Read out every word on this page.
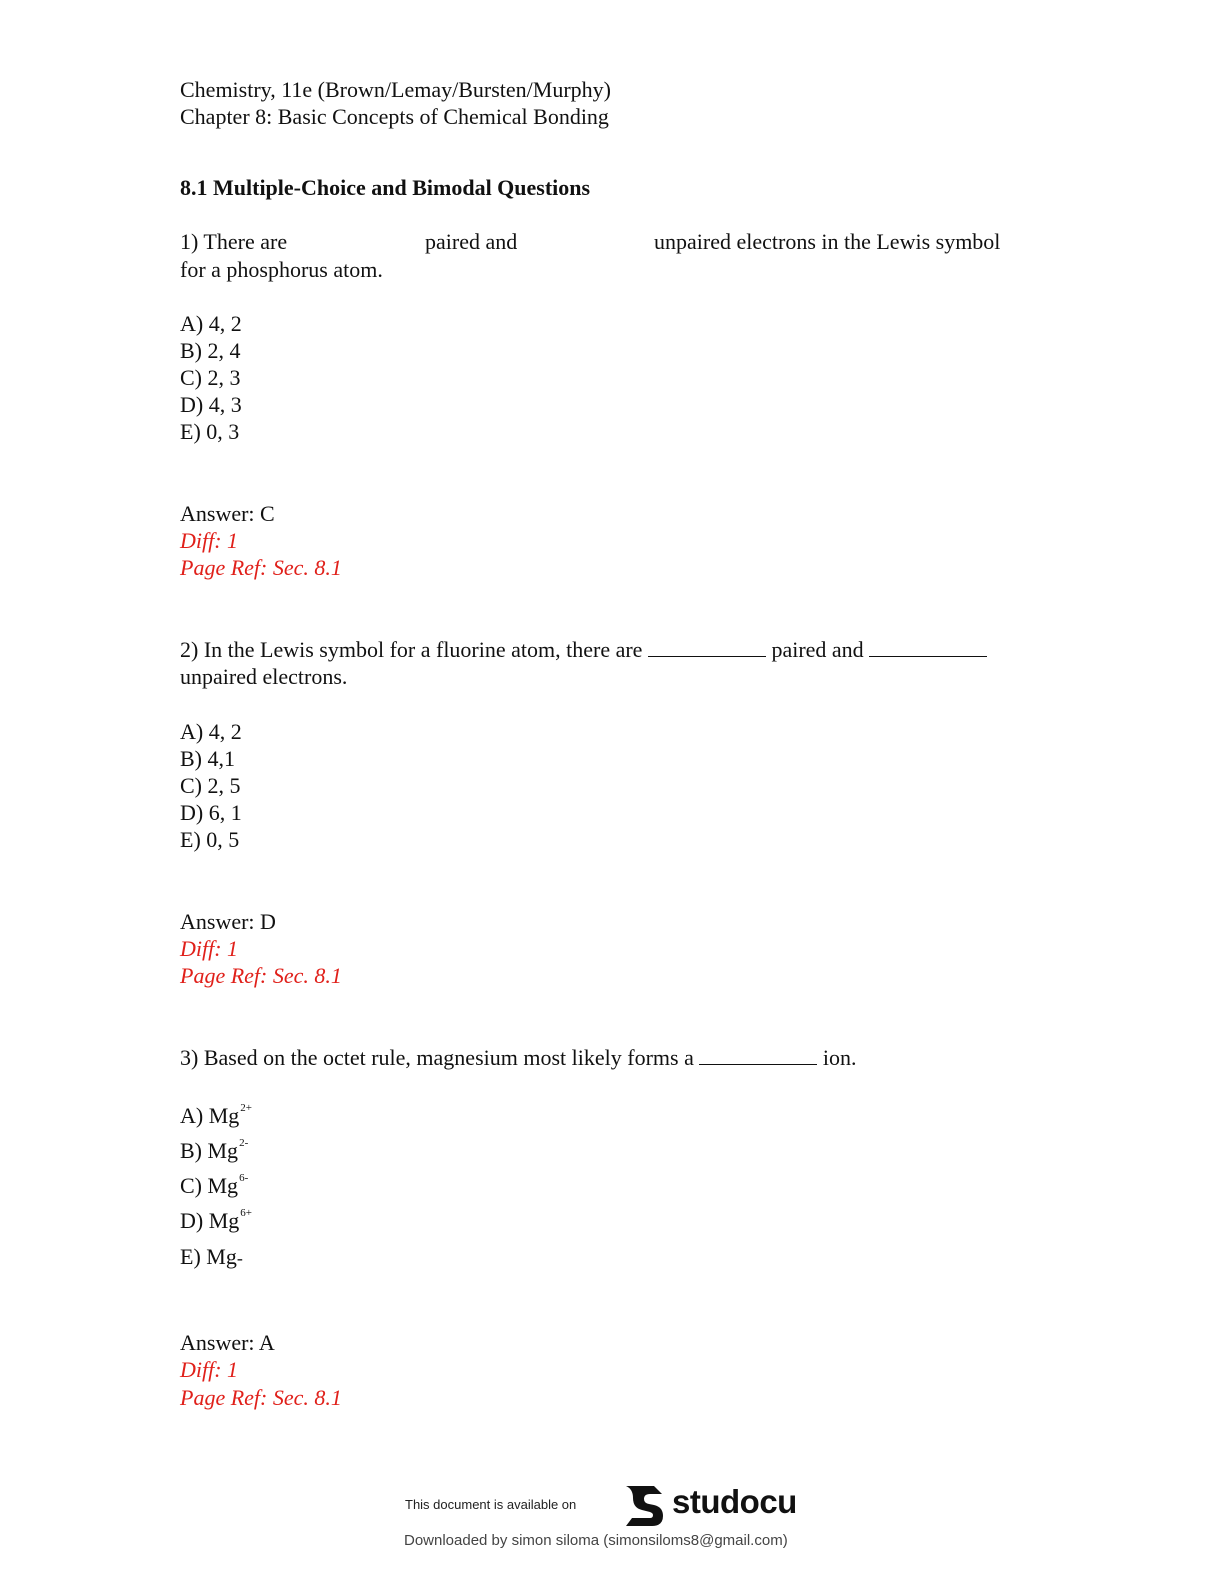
Chemistry, 11e (Brown/Lemay/Bursten/Murphy)
Chapter 8: Basic Concepts of Chemical Bonding
8.1 Multiple-Choice and Bimodal Questions
1) There are	paired and	unpaired electrons in the Lewis symbol
for a phosphorus atom.
A) 4, 2
B) 2, 4
C) 2, 3
D) 4, 3
E) 0, 3
Answer: C
Diff: 1
Page Ref: Sec. 8.1
2) In the Lewis symbol for a fluorine atom, there are	paired and
unpaired electrons.
A) 4, 2
B) 4,1
C) 2, 5
D) 6, 1
E) 0, 5
Answer: D
Diff: 1
Page Ref: Sec. 8.1
3) Based on the octet rule, magnesium most likely forms a	ion.
A) $Mg^{2+}$
B) $Mg^{2-}$
C) $Mg^{6-}$
D) $Mg^{6+}$
E) Mg-
Answer: A
Diff: 1
Page Ref: Sec. 8.1
This document is available on	studocu
Downloaded by simon siloma (simonsiloms8@gmail.com)
